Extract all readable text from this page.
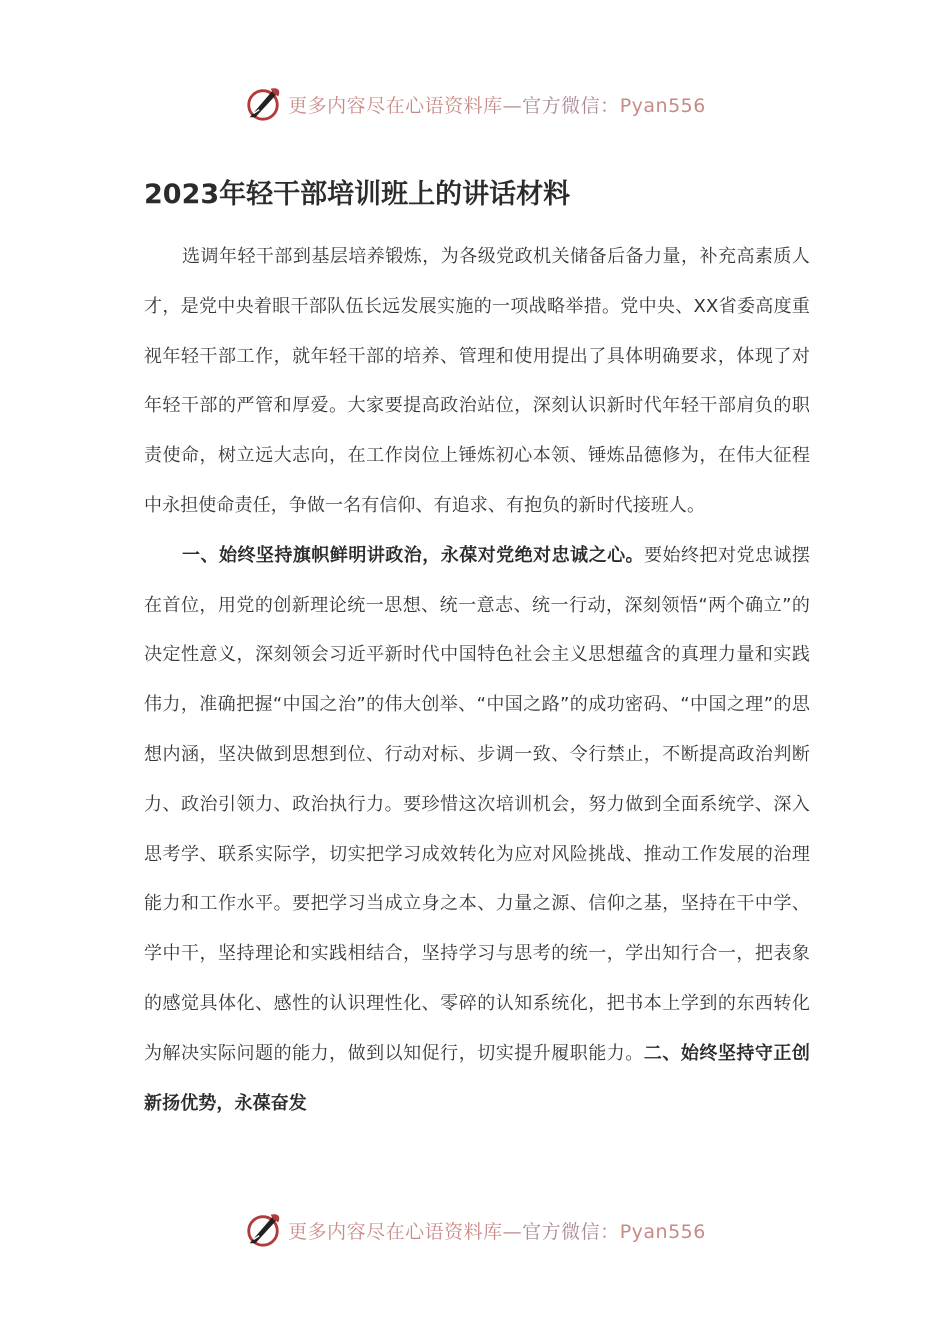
更多内容尽在心语资料库—官方微信：Pyan556
2023年轻干部培训班上的讲话材料

选调年轻干部到基层培养锻炼，为各级党政机关储备后备力量，补充高素质人才，是党中央着眼干部队伍长远发展实施的一项战略举措。党中央、XX省委高度重视年轻干部工作，就年轻干部的培养、管理和使用提出了具体明确要求，体现了对年轻干部的严管和厚爱。大家要提高政治站位，深刻认识新时代年轻干部肩负的职责使命，树立远大志向，在工作岗位上锤炼初心本领、锤炼品德修为，在伟大征程中永担使命责任，争做一名有信仰、有追求、有抱负的新时代接班人。

一、始终坚持旗帜鲜明讲政治，永葆对党绝对忠诚之心。要始终把对党忠诚摆在首位，用党的创新理论统一思想、统一意志、统一行动，深刻领悟“两个确立”的决定性意义，深刻领会习近平新时代中国特色社会主义思想蕴含的真理力量和实践伟力，准确把握“中国之治”的伟大创举、“中国之路”的成功密码、“中国之理”的思想内涵，坚决做到思想到位、行动对标、步调一致、令行禁止，不断提高政治判断力、政治引领力、政治执行力。要珍惜这次培训机会，努力做到全面系统学、深入思考学、联系实际学，切实把学习成效转化为应对风险挑战、推动工作发展的治理能力和工作水平。要把学习当成立身之本、力量之源、信仰之基，坚持在干中学、学中干，坚持理论和实践相结合，坚持学习与思考的统一，学出知行合一，把表象的感觉具体化、感性的认识理性化、零碎的认知系统化，把书本上学到的东西转化为解决实际问题的能力，做到以知促行，切实提升履职能力。二、始终坚持守正创新扬优势，永葆奋发

更多内容尽在心语资料库—官方微信：Pyan556
